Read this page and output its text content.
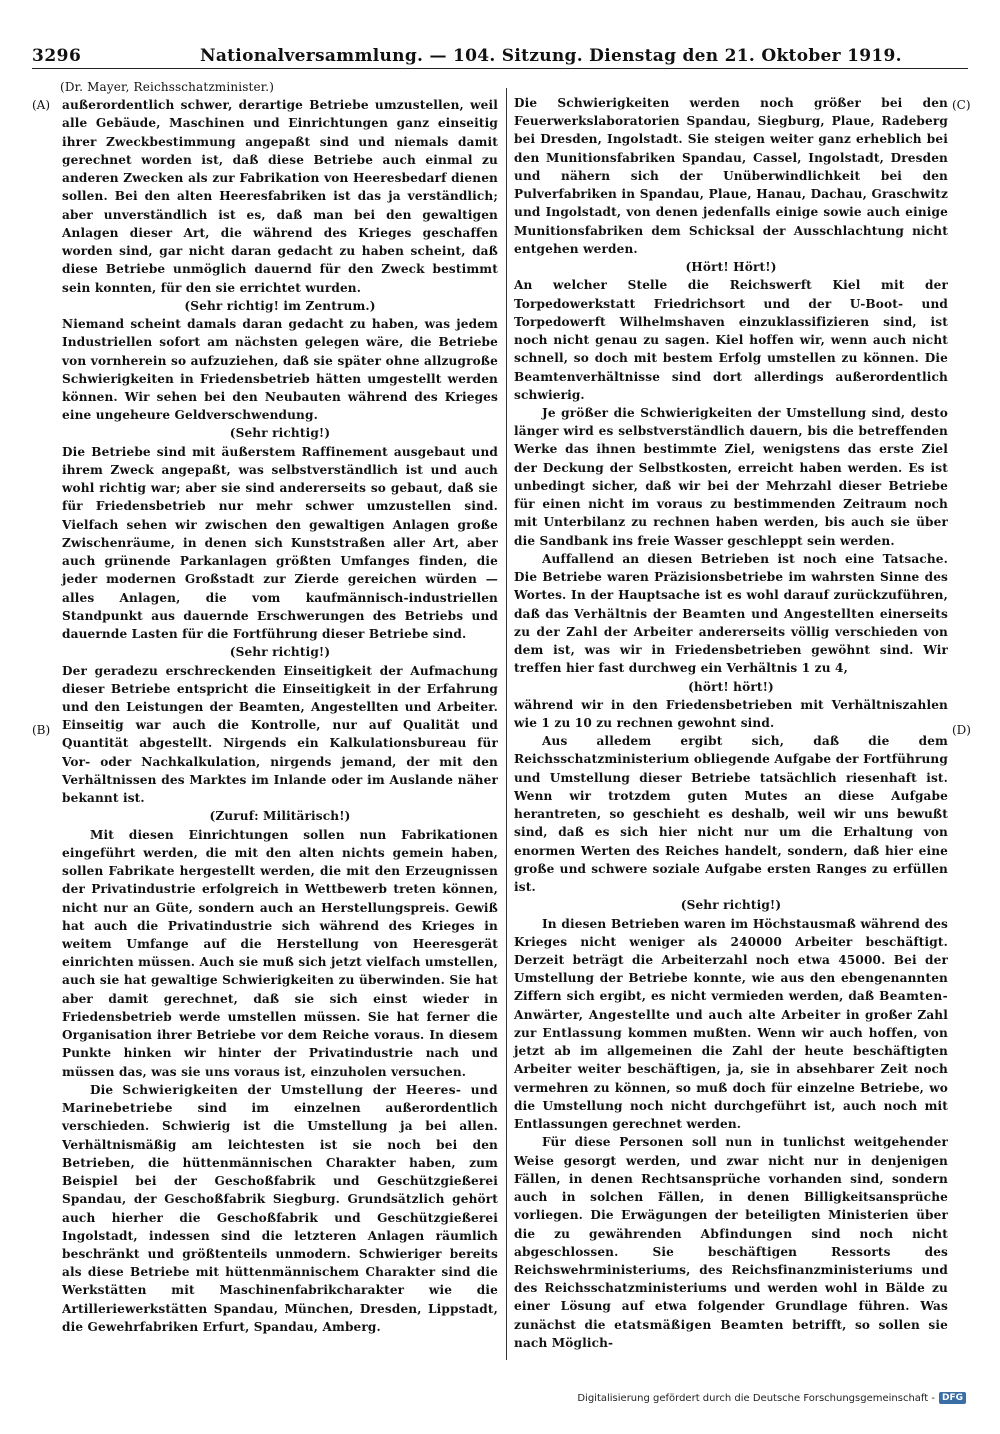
3296	Nationalversammlung. — 104. Sitzung. Dienstag den 21. Oktober 1919.
(A)
(B)
(C)
(D)

(Dr. Mayer, Reichsschatzminister.)

außerordentlich schwer, derartige Betriebe umzustellen, weil alle Gebäude, Maschinen und Einrichtungen ganz einseitig ihrer Zweckbestimmung angepaßt sind und niemals damit gerechnet worden ist, daß diese Betriebe auch einmal zu anderen Zwecken als zur Fabrikation von Heeresbedarf dienen sollen. Bei den alten Heeresfabriken ist das ja verständlich; aber unverständlich ist es, daß man bei den gewaltigen Anlagen dieser Art, die während des Krieges geschaffen worden sind, gar nicht daran gedacht zu haben scheint, daß diese Betriebe unmöglich dauernd für den Zweck bestimmt sein konnten, für den sie errichtet wurden.

(Sehr richtig! im Zentrum.)

Niemand scheint damals daran gedacht zu haben, was jedem Industriellen sofort am nächsten gelegen wäre, die Betriebe von vornherein so aufzuziehen, daß sie später ohne allzugroße Schwierigkeiten in Friedensbetrieb hätten umgestellt werden können. Wir sehen bei den Neubauten während des Krieges eine ungeheure Geldverschwendung.

(Sehr richtig!)

Die Betriebe sind mit äußerstem Raffinement ausgebaut und ihrem Zweck angepaßt, was selbstverständlich ist und auch wohl richtig war; aber sie sind andererseits so gebaut, daß sie für Friedensbetrieb nur mehr schwer umzustellen sind. Vielfach sehen wir zwischen den gewaltigen Anlagen große Zwischenräume, in denen sich Kunststraßen aller Art, aber auch grünende Parkanlagen größten Umfanges finden, die jeder modernen Großstadt zur Zierde gereichen würden — alles Anlagen, die vom kaufmännisch-industriellen Standpunkt aus dauernde Erschwerungen des Betriebs und dauernde Lasten für die Fortführung dieser Betriebe sind.

(Sehr richtig!)

Der geradezu erschreckenden Einseitigkeit der Aufmachung dieser Betriebe entspricht die Einseitigkeit in der Erfahrung und den Leistungen der Beamten, Angestellten und Arbeiter. Einseitig war auch die Kontrolle, nur auf Qualität und Quantität abgestellt. Nirgends ein Kalkulationsbureau für Vor- oder Nachkalkulation, nirgends jemand, der mit den Verhältnissen des Marktes im Inlande oder im Auslande näher bekannt ist.

(Zuruf: Militärisch!)

Mit diesen Einrichtungen sollen nun Fabrikationen eingeführt werden, die mit den alten nichts gemein haben, sollen Fabrikate hergestellt werden, die mit den Erzeugnissen der Privatindustrie erfolgreich in Wettbewerb treten können, nicht nur an Güte, sondern auch an Herstellungspreis. Gewiß hat auch die Privatindustrie sich während des Krieges in weitem Umfange auf die Herstellung von Heeresgerät einrichten müssen. Auch sie muß sich jetzt vielfach umstellen, auch sie hat gewaltige Schwierigkeiten zu überwinden. Sie hat aber damit gerechnet, daß sie sich einst wieder in Friedensbetrieb werde umstellen müssen. Sie hat ferner die Organisation ihrer Betriebe vor dem Reiche voraus. In diesem Punkte hinken wir hinter der Privatindustrie nach und müssen das, was sie uns voraus ist, einzuholen versuchen.

Die Schwierigkeiten der Umstellung der Heeres- und Marinebetriebe sind im einzelnen außerordentlich verschieden. Schwierig ist die Umstellung ja bei allen. Verhältnismäßig am leichtesten ist sie noch bei den Betrieben, die hüttenmännischen Charakter haben, zum Beispiel bei der Geschoßfabrik und Geschützgießerei Spandau, der Geschoßfabrik Siegburg. Grundsätzlich gehört auch hierher die Geschoßfabrik und Geschützgießerei Ingolstadt, indessen sind die letzteren Anlagen räumlich beschränkt und größtenteils unmodern. Schwieriger bereits als diese Betriebe mit hüttenmännischem Charakter sind die Werkstätten mit Maschinenfabrikcharakter wie die Artilleriewerkstätten Spandau, München, Dresden, Lippstadt, die Gewehrfabriken Erfurt, Spandau, Amberg.

Die Schwierigkeiten werden noch größer bei den Feuerwerkslaboratorien Spandau, Siegburg, Plaue, Radeberg bei Dresden, Ingolstadt. Sie steigen weiter ganz erheblich bei den Munitionsfabriken Spandau, Cassel, Ingolstadt, Dresden und nähern sich der Unüberwindlichkeit bei den Pulverfabriken in Spandau, Plaue, Hanau, Dachau, Graschwitz und Ingolstadt, von denen jedenfalls einige sowie auch einige Munitionsfabriken dem Schicksal der Ausschlachtung nicht entgehen werden.

(Hört! Hört!)

An welcher Stelle die Reichswerft Kiel mit der Torpedowerkstatt Friedrichsort und der U-Boot- und Torpedowerft Wilhelmshaven einzuklassifizieren sind, ist noch nicht genau zu sagen. Kiel hoffen wir, wenn auch nicht schnell, so doch mit bestem Erfolg umstellen zu können. Die Beamtenverhältnisse sind dort allerdings außerordentlich schwierig.

Je größer die Schwierigkeiten der Umstellung sind, desto länger wird es selbstverständlich dauern, bis die betreffenden Werke das ihnen bestimmte Ziel, wenigstens das erste Ziel der Deckung der Selbstkosten, erreicht haben werden. Es ist unbedingt sicher, daß wir bei der Mehrzahl dieser Betriebe für einen nicht im voraus zu bestimmenden Zeitraum noch mit Unterbilanz zu rechnen haben werden, bis auch sie über die Sandbank ins freie Wasser geschleppt sein werden.

Auffallend an diesen Betrieben ist noch eine Tatsache. Die Betriebe waren Präzisionsbetriebe im wahrsten Sinne des Wortes. In der Hauptsache ist es wohl darauf zurückzuführen, daß das Verhältnis der Beamten und Angestellten einerseits zu der Zahl der Arbeiter andererseits völlig verschieden von dem ist, was wir in Friedensbetrieben gewöhnt sind. Wir treffen hier fast durchweg ein Verhältnis 1 zu 4,

(hört! hört!)

während wir in den Friedensbetrieben mit Verhältniszahlen wie 1 zu 10 zu rechnen gewohnt sind.

Aus alledem ergibt sich, daß die dem Reichsschatzministerium obliegende Aufgabe der Fortführung und Umstellung dieser Betriebe tatsächlich riesenhaft ist. Wenn wir trotzdem guten Mutes an diese Aufgabe herantreten, so geschieht es deshalb, weil wir uns bewußt sind, daß es sich hier nicht nur um die Erhaltung von enormen Werten des Reiches handelt, sondern, daß hier eine große und schwere soziale Aufgabe ersten Ranges zu erfüllen ist.

(Sehr richtig!)

In diesen Betrieben waren im Höchstausmaß während des Krieges nicht weniger als 240000 Arbeiter beschäftigt. Derzeit beträgt die Arbeiterzahl noch etwa 45000. Bei der Umstellung der Betriebe konnte, wie aus den ebengenannten Ziffern sich ergibt, es nicht vermieden werden, daß Beamten-Anwärter, Angestellte und auch alte Arbeiter in großer Zahl zur Entlassung kommen mußten. Wenn wir auch hoffen, von jetzt ab im allgemeinen die Zahl der heute beschäftigten Arbeiter weiter beschäftigen, ja, sie in absehbarer Zeit noch vermehren zu können, so muß doch für einzelne Betriebe, wo die Umstellung noch nicht durchgeführt ist, auch noch mit Entlassungen gerechnet werden.

Für diese Personen soll nun in tunlichst weitgehender Weise gesorgt werden, und zwar nicht nur in denjenigen Fällen, in denen Rechtsansprüche vorhanden sind, sondern auch in solchen Fällen, in denen Billigkeitsansprüche vorliegen. Die Erwägungen der beteiligten Ministerien über die zu gewährenden Abfindungen sind noch nicht abgeschlossen. Sie beschäftigen Ressorts des Reichswehrministeriums, des Reichsfinanzministeriums und des Reichsschatzministeriums und werden wohl in Bälde zu einer Lösung auf etwa folgender Grundlage führen. Was zunächst die etatsmäßigen Beamten betrifft, so sollen sie nach Möglich-

Digitalisierung gefördert durch die Deutsche Forschungsgemeinschaft - DFG
